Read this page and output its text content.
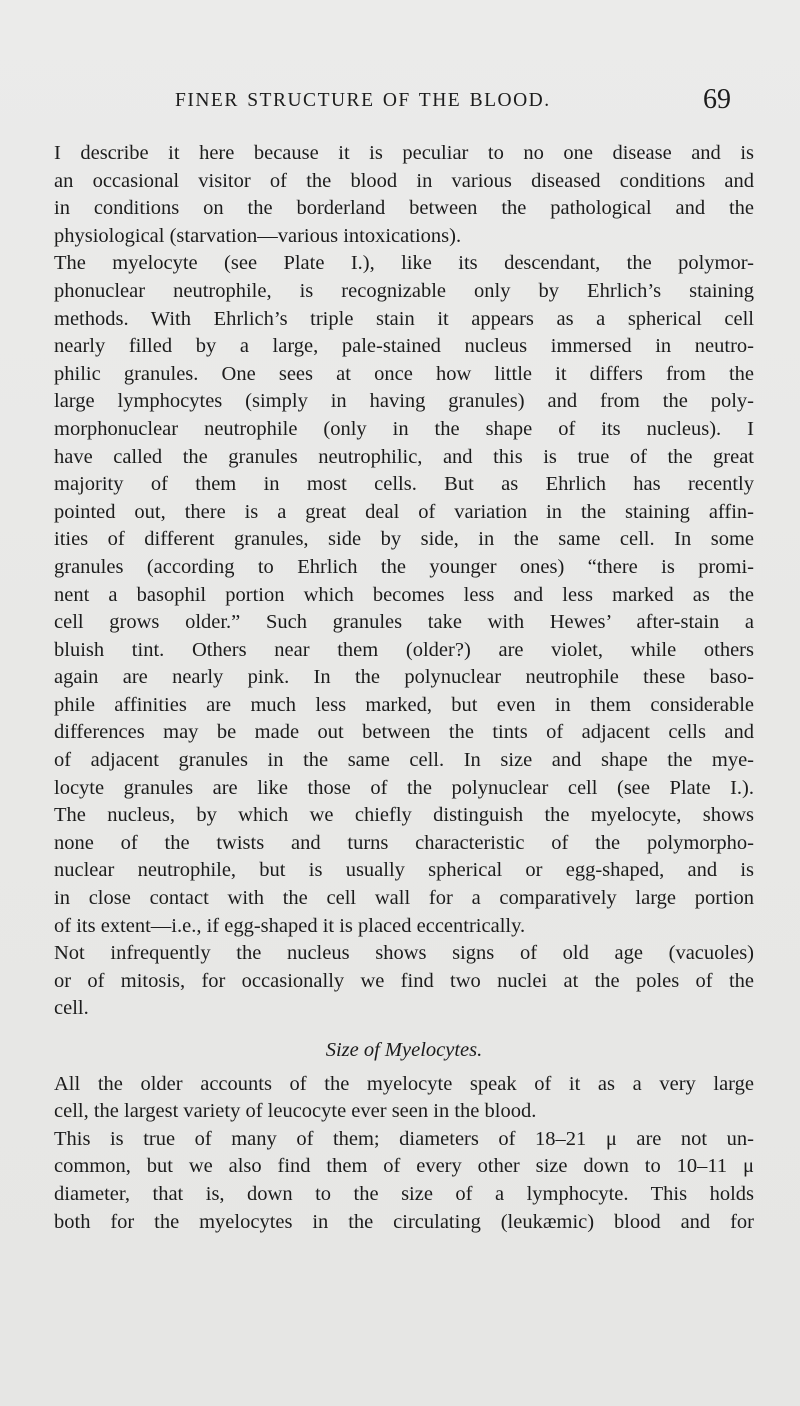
FINER STRUCTURE OF THE BLOOD.	69
I describe it here because it is peculiar to no one disease and is
an occasional visitor of the blood in various diseased conditions and
in conditions on the borderland between the pathological and the
physiological (starvation—various intoxications).
The myelocyte (see Plate I.), like its descendant, the polymor-
phonuclear neutrophile, is recognizable only by Ehrlich’s staining
methods. With Ehrlich’s triple stain it appears as a spherical cell
nearly filled by a large, pale-stained nucleus immersed in neutro-
philic granules. One sees at once how little it differs from the
large lymphocytes (simply in having granules) and from the poly-
morphonuclear neutrophile (only in the shape of its nucleus). I
have called the granules neutrophilic, and this is true of the great
majority of them in most cells. But as Ehrlich has recently
pointed out, there is a great deal of variation in the staining affin-
ities of different granules, side by side, in the same cell. In some
granules (according to Ehrlich the younger ones) “there is promi-
nent a basophil portion which becomes less and less marked as the
cell grows older.” Such granules take with Hewes’ after-stain a
bluish tint. Others near them (older?) are violet, while others
again are nearly pink. In the polynuclear neutrophile these baso-
phile affinities are much less marked, but even in them considerable
differences may be made out between the tints of adjacent cells and
of adjacent granules in the same cell. In size and shape the mye-
locyte granules are like those of the polynuclear cell (see Plate I.).
The nucleus, by which we chiefly distinguish the myelocyte, shows
none of the twists and turns characteristic of the polymorpho-
nuclear neutrophile, but is usually spherical or egg-shaped, and is
in close contact with the cell wall for a comparatively large portion
of its extent—i.e., if egg-shaped it is placed eccentrically.
Not infrequently the nucleus shows signs of old age (vacuoles)
or of mitosis, for occasionally we find two nuclei at the poles of the
cell.
Size of Myelocytes.
All the older accounts of the myelocyte speak of it as a very large
cell, the largest variety of leucocyte ever seen in the blood.
This is true of many of them; diameters of 18–21 μ are not un-
common, but we also find them of every other size down to 10–11 μ
diameter, that is, down to the size of a lymphocyte. This holds
both for the myelocytes in the circulating (leukæmic) blood and for
